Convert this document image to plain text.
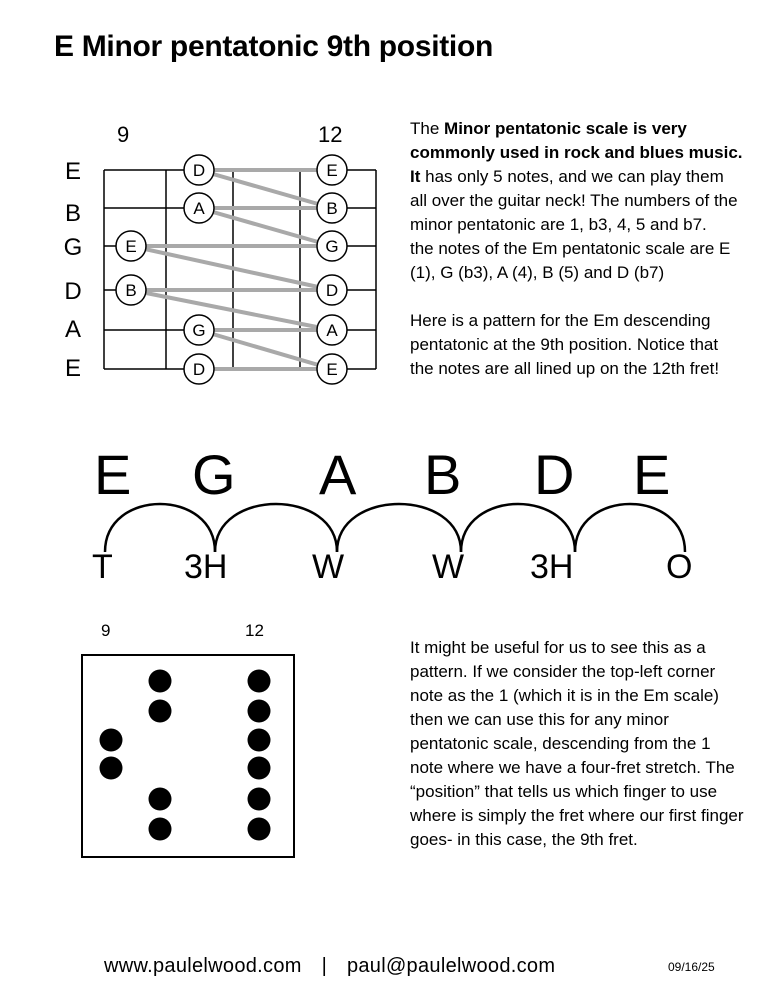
E Minor pentatonic 9th position
9	12
E
B
G
D
A
E
D	E
A	B
E	G
B	D
G	A
D	E

The Minor pentatonic scale is very commonly used in rock and blues music. It has only 5 notes, and we can play them all over the guitar neck! The numbers of the minor pentatonic are 1, b3, 4, 5 and b7.
the notes of the Em pentatonic scale are E (1), G (b3), A (4), B (5) and D (b7)

Here is a pattern for the Em descending pentatonic at the 9th position. Notice that the notes are all lined up on the 12th fret!

E G A B D E
T 3H W	W 3H	O
9	12

It might be useful for us to see this as a pattern. If we consider the top-left corner note as the 1 (which it is in the Em scale) then we can use this for any minor pentatonic scale, descending from the 1 note where we have a four-fret stretch. The “position” that tells us which finger to use where is simply the fret where our first finger goes- in this case, the 9th fret.

www.paulelwood.com | paul@paulelwood.com	09/16/25
